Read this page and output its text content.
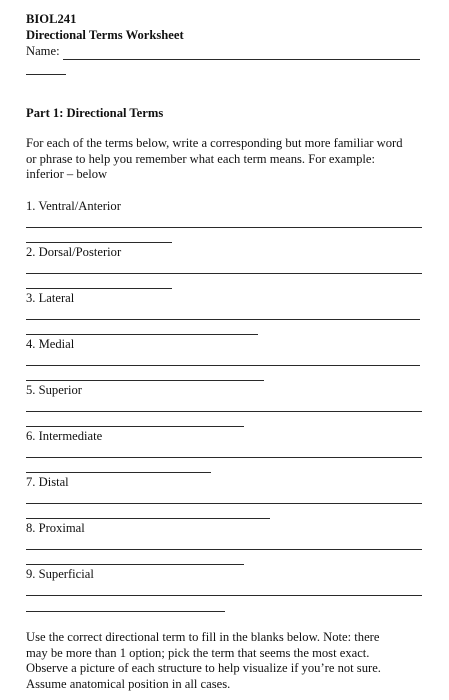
BIOL241
Directional Terms Worksheet
Name:
Part 1: Directional Terms
For each of the terms below, write a corresponding but more familiar word
or phrase to help you remember what each term means. For example:
inferior – below
1. Ventral/Anterior
2. Dorsal/Posterior
3. Lateral
4. Medial
5. Superior
6. Intermediate
7. Distal
8. Proximal
9. Superficial
Use the correct directional term to fill in the blanks below. Note: there
may be more than 1 option; pick the term that seems the most exact.
Observe a picture of each structure to help visualize if you’re not sure.
Assume anatomical position in all cases.
